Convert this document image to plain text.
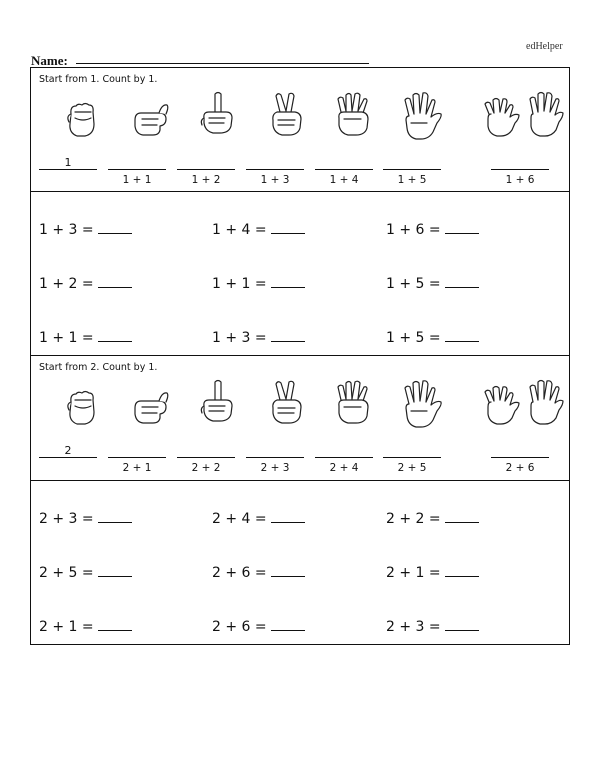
edHelper
Name:
Start from 1. Count by 1.
1
1 + 1	1 + 2	1 + 3	1 + 4	1 + 5	1 + 6
1 + 3 =	1 + 4 =	1 + 6 =
1 + 2 =	1 + 1 =	1 + 5 =
1 + 1 =	1 + 3 =	1 + 5 =
Start from 2. Count by 1.
2
2 + 1	2 + 2	2 + 3	2 + 4	2 + 5	2 + 6
2 + 3 =	2 + 4 =	2 + 2 =
2 + 5 =	2 + 6 =	2 + 1 =
2 + 1 =	2 + 6 =	2 + 3 =
